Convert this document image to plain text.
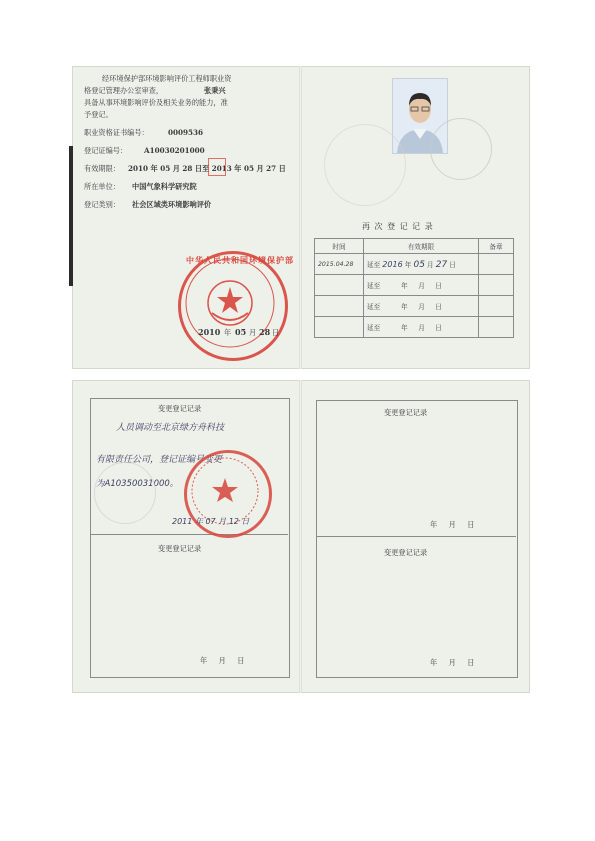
经环境保护部环境影响评价工程师职业资
格登记管理办公室审查，	张秉兴
具备从事环境影响评价及相关业务的能力，准
予登记。
职业资格证书编号：	0009536
登记证编号： A10030201000
有效期限： 2010 年 05 月 28 日至 2013 年 05 月 27 日
所在单位： 中国气象科学研究院
登记类别： 社会区域类环境影响评价
中华人民共和国环境保护部
2010 年 05 月 28 日
再 次 登 记 记 录
时间	有效期限	备章
2015.04.28	延至 2016 年 05 月 27 日	
	延至          年     月     日	
	延至          年     月     日	
	延至          年     月     日	
变更登记记录
人员调动至北京绿方舟科技
有限责任公司，登记证编号变更
为A10350031000。
2011 年 07 月 12 日
变更登记记录
年     月     日
变更登记记录
年     月     日
变更登记记录
年     月     日
